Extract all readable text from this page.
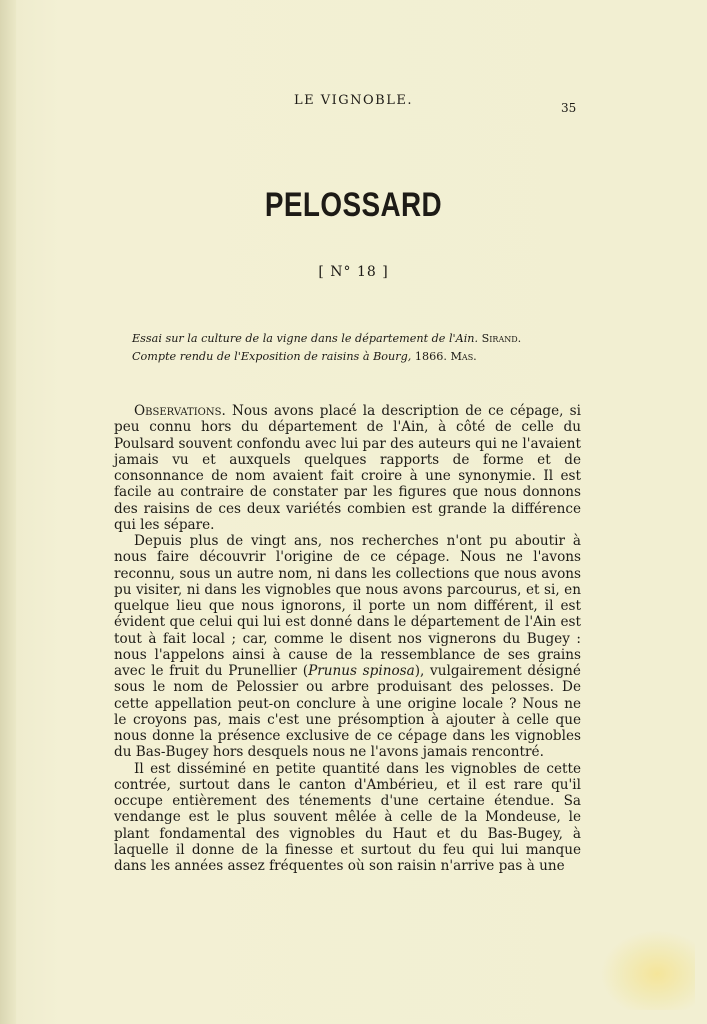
LE VIGNOBLE.	35
PELOSSARD
[ N° 18 ]
Essai sur la culture de la vigne dans le département de l'Ain. Sirand.
Compte rendu de l'Exposition de raisins à Bourg, 1866. Mas.

Observations. Nous avons placé la description de ce cépage, si peu connu hors du département de l'Ain, à côté de celle du Poulsard souvent confondu avec lui par des auteurs qui ne l'avaient jamais vu et auxquels quelques rapports de forme et de consonnance de nom avaient fait croire à une synonymie. Il est facile au contraire de constater par les figures que nous donnons des raisins de ces deux variétés combien est grande la différence qui les sépare.

Depuis plus de vingt ans, nos recherches n'ont pu aboutir à nous faire découvrir l'origine de ce cépage. Nous ne l'avons reconnu, sous un autre nom, ni dans les collections que nous avons pu visiter, ni dans les vignobles que nous avons parcourus, et si, en quelque lieu que nous ignorons, il porte un nom différent, il est évident que celui qui lui est donné dans le département de l'Ain est tout à fait local ; car, comme le disent nos vignerons du Bugey : nous l'appelons ainsi à cause de la ressemblance de ses grains avec le fruit du Prunellier (Prunus spinosa), vulgairement désigné sous le nom de Pelossier ou arbre produisant des pelosses. De cette appellation peut-on conclure à une origine locale ? Nous ne le croyons pas, mais c'est une présomption à ajouter à celle que nous donne la présence exclusive de ce cépage dans les vignobles du Bas-Bugey hors desquels nous ne l'avons jamais rencontré.

Il est disséminé en petite quantité dans les vignobles de cette contrée, surtout dans le canton d'Ambérieu, et il est rare qu'il occupe entièrement des ténements d'une certaine étendue. Sa vendange est le plus souvent mêlée à celle de la Mondeuse, le plant fondamental des vignobles du Haut et du Bas-Bugey, à laquelle il donne de la finesse et surtout du feu qui lui manque dans les années assez fréquentes où son raisin n'arrive pas à une
